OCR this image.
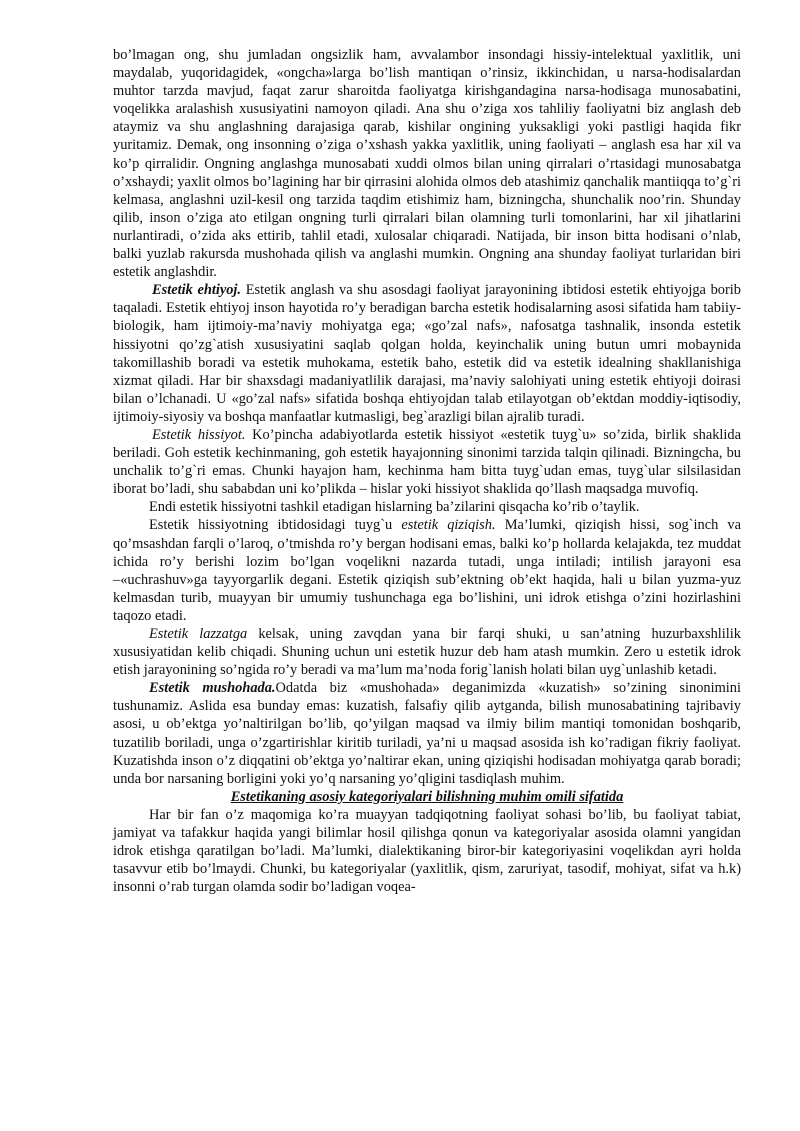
bo’lmagan ong, shu jumladan ongsizlik ham, avvalambor insondagi hissiy-intelektual yaxlitlik, uni maydalab, yuqoridagidek, «ongcha»larga bo’lish mantiqan o’rinsiz, ikkinchidan, u narsa-hodisalardan muhtor tarzda mavjud, faqat zarur sharoitda faoliyatga kirishgandagina narsa-hodisaga munosabatini, voqelikka aralashish xususiyatini namoyon qiladi. Ana shu o’ziga xos tahliliy faoliyatni biz anglash deb ataymiz va shu anglashning darajasiga qarab, kishilar ongining yuksakligi yoki pastligi haqida fikr yuritamiz. Demak, ong insonning o’ziga o’xshash yakka yaxlitlik, uning faoliyati – anglash esa har xil va ko’p qirralidir. Ongning anglashga munosabati xuddi olmos bilan uning qirralari o’rtasidagi munosabatga o’xshaydi; yaxlit olmos bo’lagining har bir qirrasini alohida olmos deb atashimiz qanchalik mantiiqqa to’g`ri kelmasa, anglashni uzil-kesil ong tarzida taqdim etishimiz ham, bizningcha, shunchalik noo’rin. Shunday qilib, inson o’ziga ato etilgan ongning turli qirralari bilan olamning turli tomonlarini, har xil jihatlarini nurlantiradi, o’zida aks ettirib, tahlil etadi, xulosalar chiqaradi. Natijada, bir inson bitta hodisani o’nlab, balki yuzlab rakursda mushohada qilish va anglashi mumkin. Ongning ana shunday faoliyat turlaridan biri estetik anglashdir.

Estetik ehtiyoj. Estetik anglash va shu asosdagi faoliyat jarayonining ibtidosi estetik ehtiyojga borib taqaladi. Estetik ehtiyoj inson hayotida ro’y beradigan barcha estetik hodisalarning asosi sifatida ham tabiiy-biologik, ham ijtimoiy-ma’naviy mohiyatga ega; «go’zal nafs», nafosatga tashnalik, insonda estetik hissiyotni qo’zg`atish xususiyatini saqlab qolgan holda, keyinchalik uning butun umri mobaynida takomillashib boradi va estetik muhokama, estetik baho, estetik did va estetik idealning shakllanishiga xizmat qiladi. Har bir shaxsdagi madaniyatlilik darajasi, ma’naviy salohiyati uning estetik ehtiyoji doirasi bilan o’lchanadi. U «go’zal nafs» sifatida boshqa ehtiyojdan talab etilayotgan ob’ektdan moddiy-iqtisodiy, ijtimoiy-siyosiy va boshqa manfaatlar kutmasligi, beg`arazligi bilan ajralib turadi.

Estetik hissiyot. Ko’pincha adabiyotlarda estetik hissiyot «estetik tuyg`u» so’zida, birlik shaklida beriladi. Goh estetik kechinmaning, goh estetik hayajonning sinonimi tarzida talqin qilinadi. Bizningcha, bu unchalik to’g`ri emas. Chunki hayajon ham, kechinma ham bitta tuyg`udan emas, tuyg`ular silsilasidan iborat bo’ladi, shu sababdan uni ko’plikda – hislar yoki hissiyot shaklida qo’llash maqsadga muvofiq.

Endi estetik hissiyotni tashkil etadigan hislarning ba’zilarini qisqacha ko’rib o’taylik.

Estetik hissiyotning ibtidosidagi tuyg`u estetik qiziqish. Ma’lumki, qiziqish hissi, sog`inch va qo’msashdan farqli o’laroq, o’tmishda ro’y bergan hodisani emas, balki ko’p hollarda kelajakda, tez muddat ichida ro’y berishi lozim bo’lgan voqelikni nazarda tutadi, unga intiladi; intilish jarayoni esa –«uchrashuv»ga tayyorgarlik degani. Estetik qiziqish sub’ektning ob’ekt haqida, hali u bilan yuzma-yuz kelmasdan turib, muayyan bir umumiy tushunchaga ega bo’lishini, uni idrok etishga o’zini hozirlashini taqozo etadi.

Estetik lazzatga kelsak, uning zavqdan yana bir farqi shuki, u san’atning huzurbaxshlilik xususiyatidan kelib chiqadi. Shuning uchun uni estetik huzur deb ham atash mumkin. Zero u estetik idrok etish jarayonining so’ngida ro’y beradi va ma’lum ma’noda forig`lanish holati bilan uyg`unlashib ketadi.

Estetik mushohada.Odatda biz «mushohada» deganimizda «kuzatish» so’zining sinonimini tushunamiz. Aslida esa bunday emas: kuzatish, falsafiy qilib aytganda, bilish munosabatining tajribaviy asosi, u ob’ektga yo’naltirilgan bo’lib, qo’yilgan maqsad va ilmiy bilim mantiqi tomonidan boshqarib, tuzatilib boriladi, unga o’zgartirishlar kiritib turiladi, ya’ni u maqsad asosida ish ko’radigan fikriy faoliyat. Kuzatishda inson o’z diqqatini ob’ektga yo’naltirar ekan, uning qiziqishi hodisadan mohiyatga qarab boradi; unda bor narsaning borligini yoki yo’q narsaning yo’qligini tasdiqlash muhim.

Estetikaning asosiy kategoriyalari bilishning muhim omili sifatida

Har bir fan o’z maqomiga ko’ra muayyan tadqiqotning faoliyat sohasi bo’lib, bu faoliyat tabiat, jamiyat va tafakkur haqida yangi bilimlar hosil qilishga qonun va kategoriyalar asosida olamni yangidan idrok etishga qaratilgan bo’ladi. Ma’lumki, dialektikaning biror-bir kategoriyasini voqelikdan ayri holda tasavvur etib bo’lmaydi. Chunki, bu kategoriyalar (yaxlitlik, qism, zaruriyat, tasodif, mohiyat, sifat va h.k) insonni o’rab turgan olamda sodir bo’ladigan voqea-
